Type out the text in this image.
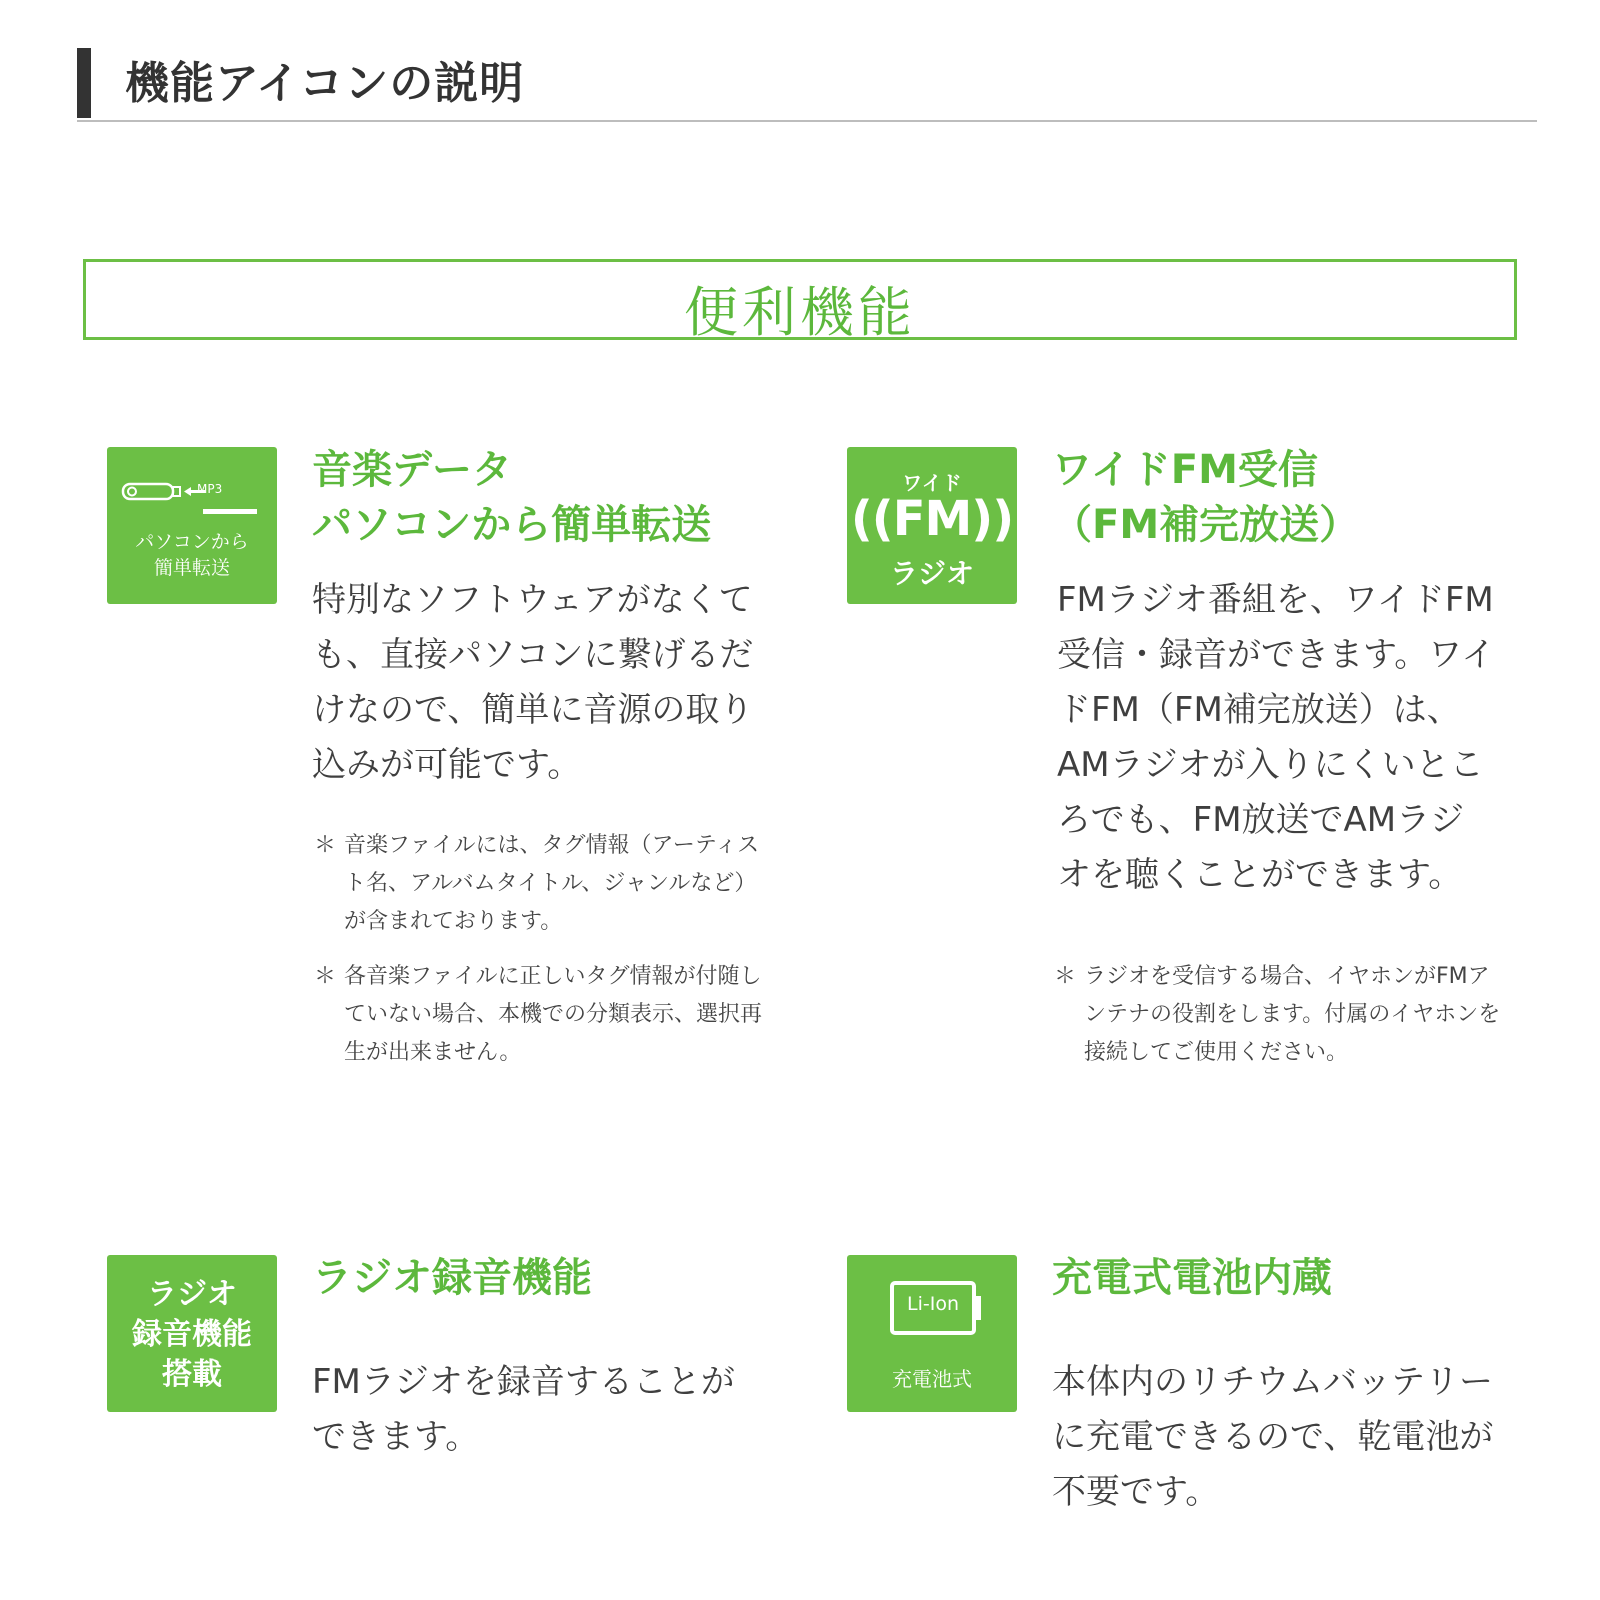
機能アイコンの説明
便利機能
MP3
パソコンから
簡単転送
音楽データ
パソコンから簡単転送

特別なソフトウェアがなくても、直接パソコンに繋げるだけなので、簡単に音源の取り込みが可能です。

＊ 音楽ファイルには、タグ情報（アーティスト名、アルバムタイトル、ジャンルなど）が含まれております。
＊ 各音楽ファイルに正しいタグ情報が付随していない場合、本機での分類表示、選択再生が出来ません。
ワイド
((FM))
ラジオ
ワイドFM受信
（FM補完放送）

FMラジオ番組を、ワイドFM受信・録音ができます。ワイドFM（FM補完放送）は、AMラジオが入りにくいところでも、FM放送でAMラジオを聴くことができます。

＊ ラジオを受信する場合、イヤホンがFMアンテナの役割をします。付属のイヤホンを接続してご使用ください。
ラジオ
録音機能
搭載
ラジオ録音機能

FMラジオを録音することができます。

Li-Ion
充電池式
充電式電池内蔵

本体内のリチウムバッテリーに充電できるので、乾電池が不要です。
